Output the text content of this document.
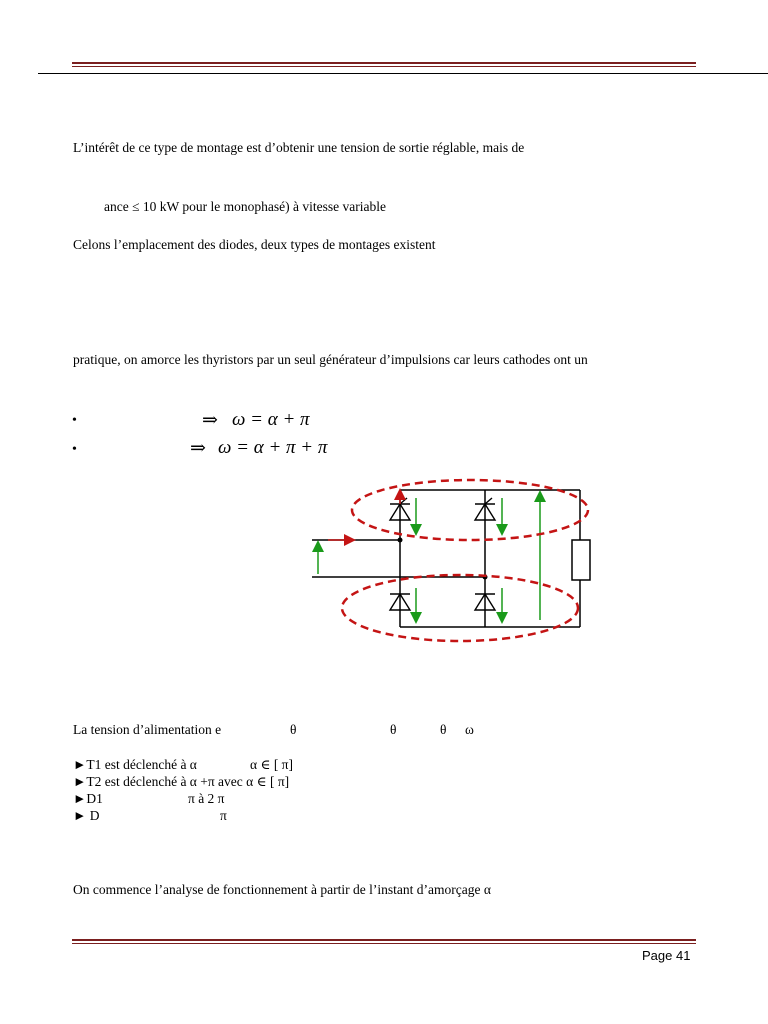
L’intérêt de ce type de montage est d’obtenir une tension de sortie réglable, mais de
ance ≤ 10 kW pour le monophasé) à vitesse variable
Celons l’emplacement des diodes, deux types de montages existent
pratique, on amorce les thyristors par un seul générateur d’impulsions car leurs cathodes ont un
•	⇒ ω = α + π
•	⇒ ω = α + π + π
La tension d’alimentation e	θ	θ	θ ω
►T1 est déclenché à α	α ∈ [ π]
►T2 est déclenché à α +π avec α ∈ [ π]
►D1	π à 2 π
► D	π
On commence l’analyse de fonctionnement à partir de l’instant d’amorçage α
Page 41
